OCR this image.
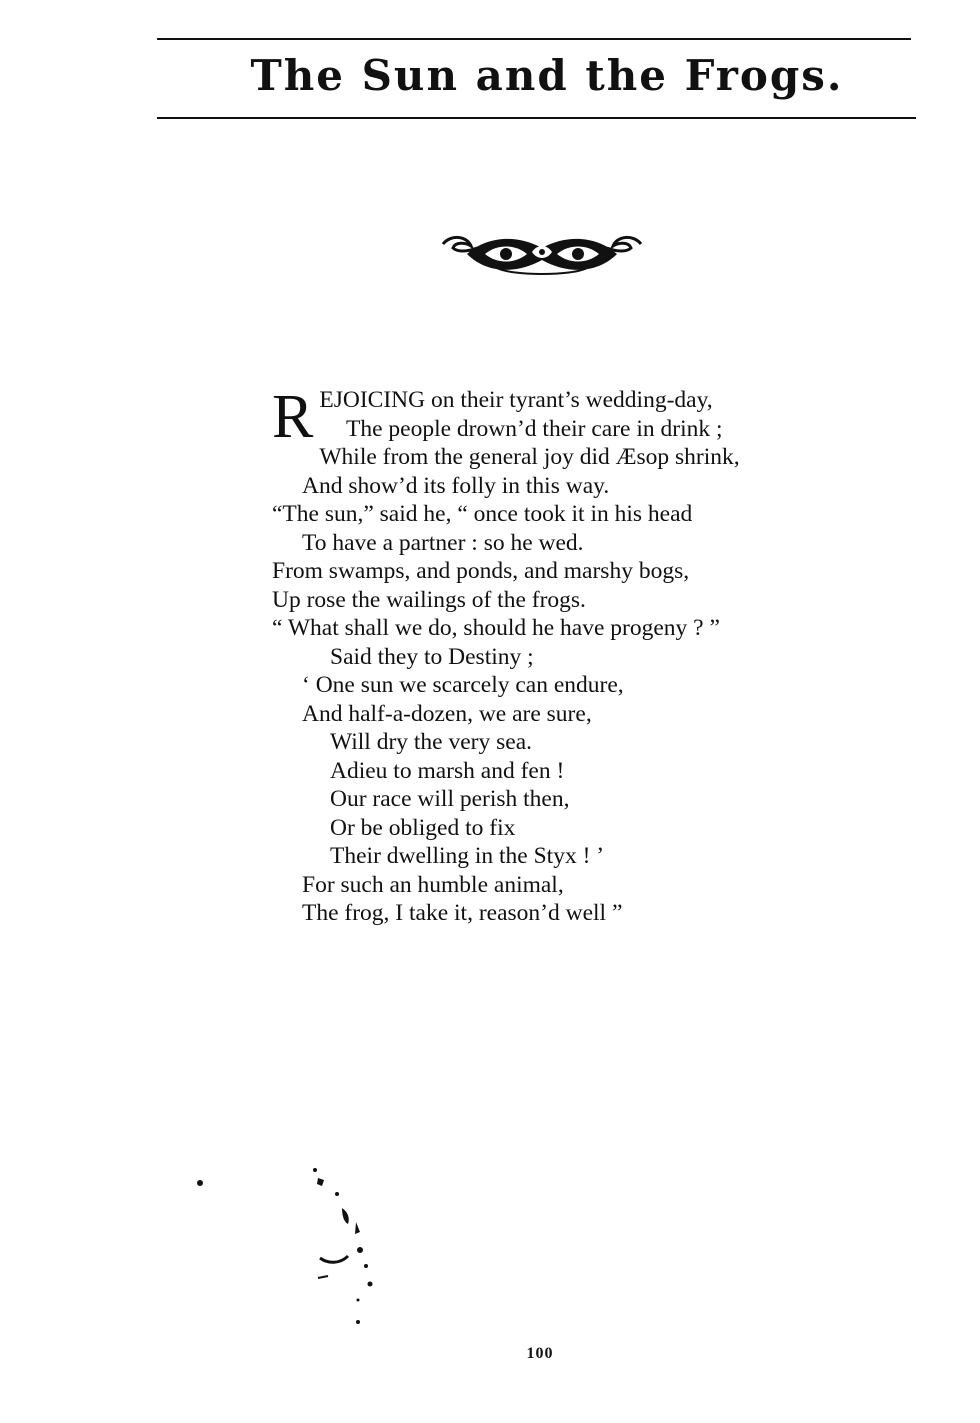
The Sun and the Frogs.
R EJOICING on their tyrant’s wedding-day,
The people drown’d their care in drink ;
While from the general joy did Æsop shrink,
And show’d its folly in this way.
“The sun,” said he, “ once took it in his head
To have a partner : so he wed.
From swamps, and ponds, and marshy bogs,
Up rose the wailings of the frogs.
“ What shall we do, should he have progeny ? ”
Said they to Destiny ;
‘ One sun we scarcely can endure,
And half-a-dozen, we are sure,
Will dry the very sea.
Adieu to marsh and fen !
Our race will perish then,
Or be obliged to fix
Their dwelling in the Styx ! ’
For such an humble animal,
The frog, I take it, reason’d well ”
100
